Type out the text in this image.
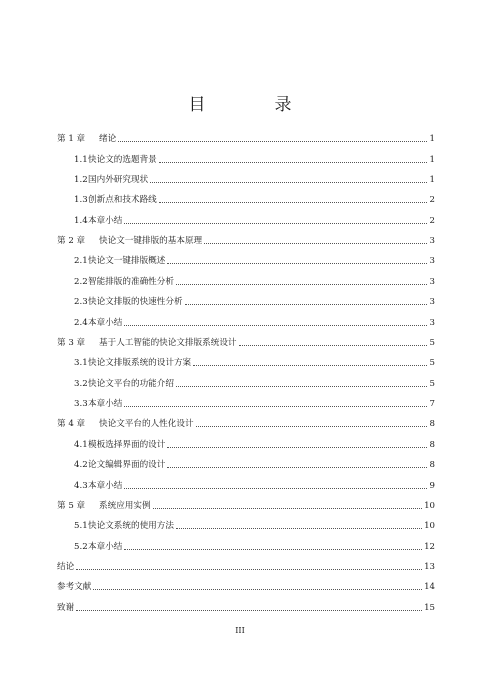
目　录
第 1 章	绪论	1
1.1 快论文的选题背景	1
1.2 国内外研究现状	1
1.3 创新点和技术路线	2
1.4 本章小结	2
第 2 章	快论文一键排版的基本原理	3
2.1 快论文一键排版概述	3
2.2 智能排版的准确性分析	3
2.3 快论文排版的快速性分析	3
2.4 本章小结	3
第 3 章	基于人工智能的快论文排版系统设计	5
3.1 快论文排版系统的设计方案	5
3.2 快论文平台的功能介绍	5
3.3 本章小结	7
第 4 章	快论文平台的人性化设计	8
4.1 模板选择界面的设计	8
4.2 论文编辑界面的设计	8
4.3 本章小结	9
第 5 章	系统应用实例	10
5.1 快论文系统的使用方法	10
5.2 本章小结	12
结论	13
参考文献	14
致谢	15
III
